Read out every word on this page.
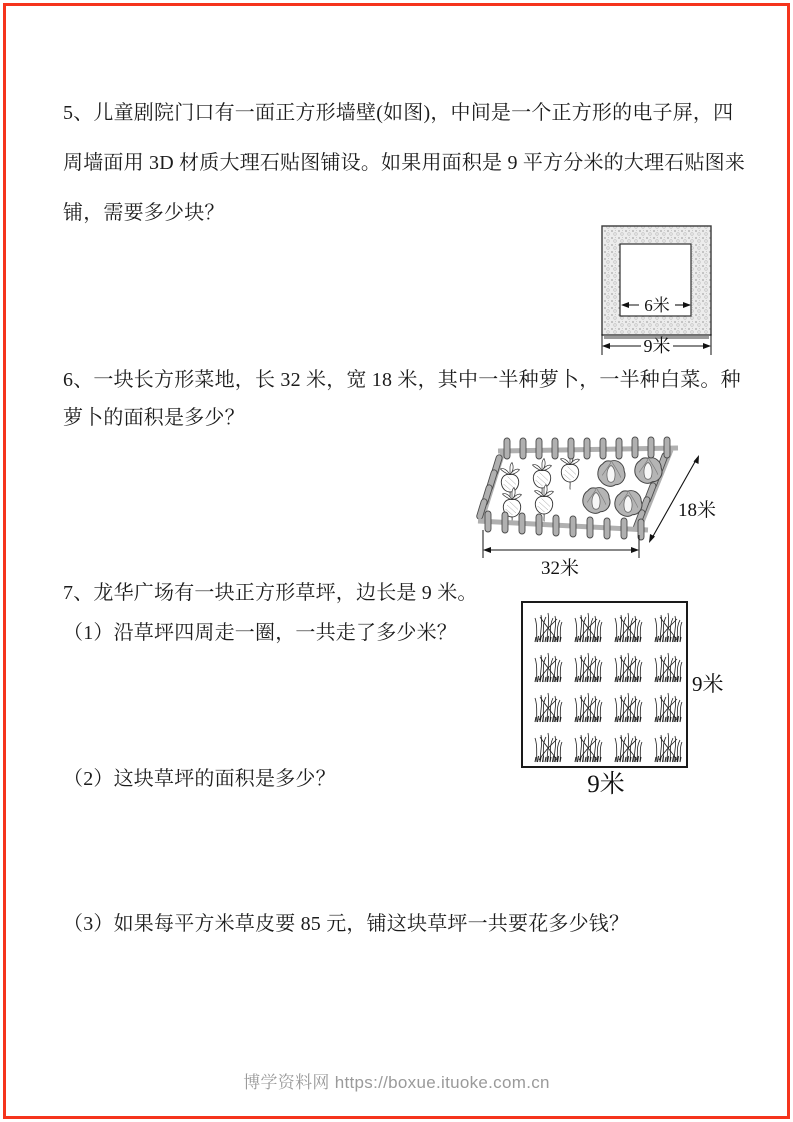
5、儿童剧院门口有一面正方形墙壁(如图)，中间是一个正方形的电子屏，四
周墙面用 3D 材质大理石贴图铺设。如果用面积是 9 平方分米的大理石贴图来
铺，需要多少块？
6米
9米
6、一块长方形菜地，长 32 米，宽 18 米，其中一半种萝卜，一半种白菜。种
萝卜的面积是多少？
18米
32米
7、龙华广场有一块正方形草坪，边长是 9 米。
（1）沿草坪四周走一圈，一共走了多少米？
9米
9米
（2）这块草坪的面积是多少？
（3）如果每平方米草皮要 85 元，铺这块草坪一共要花多少钱？
博学资料网 https://boxue.ituoke.com.cn
